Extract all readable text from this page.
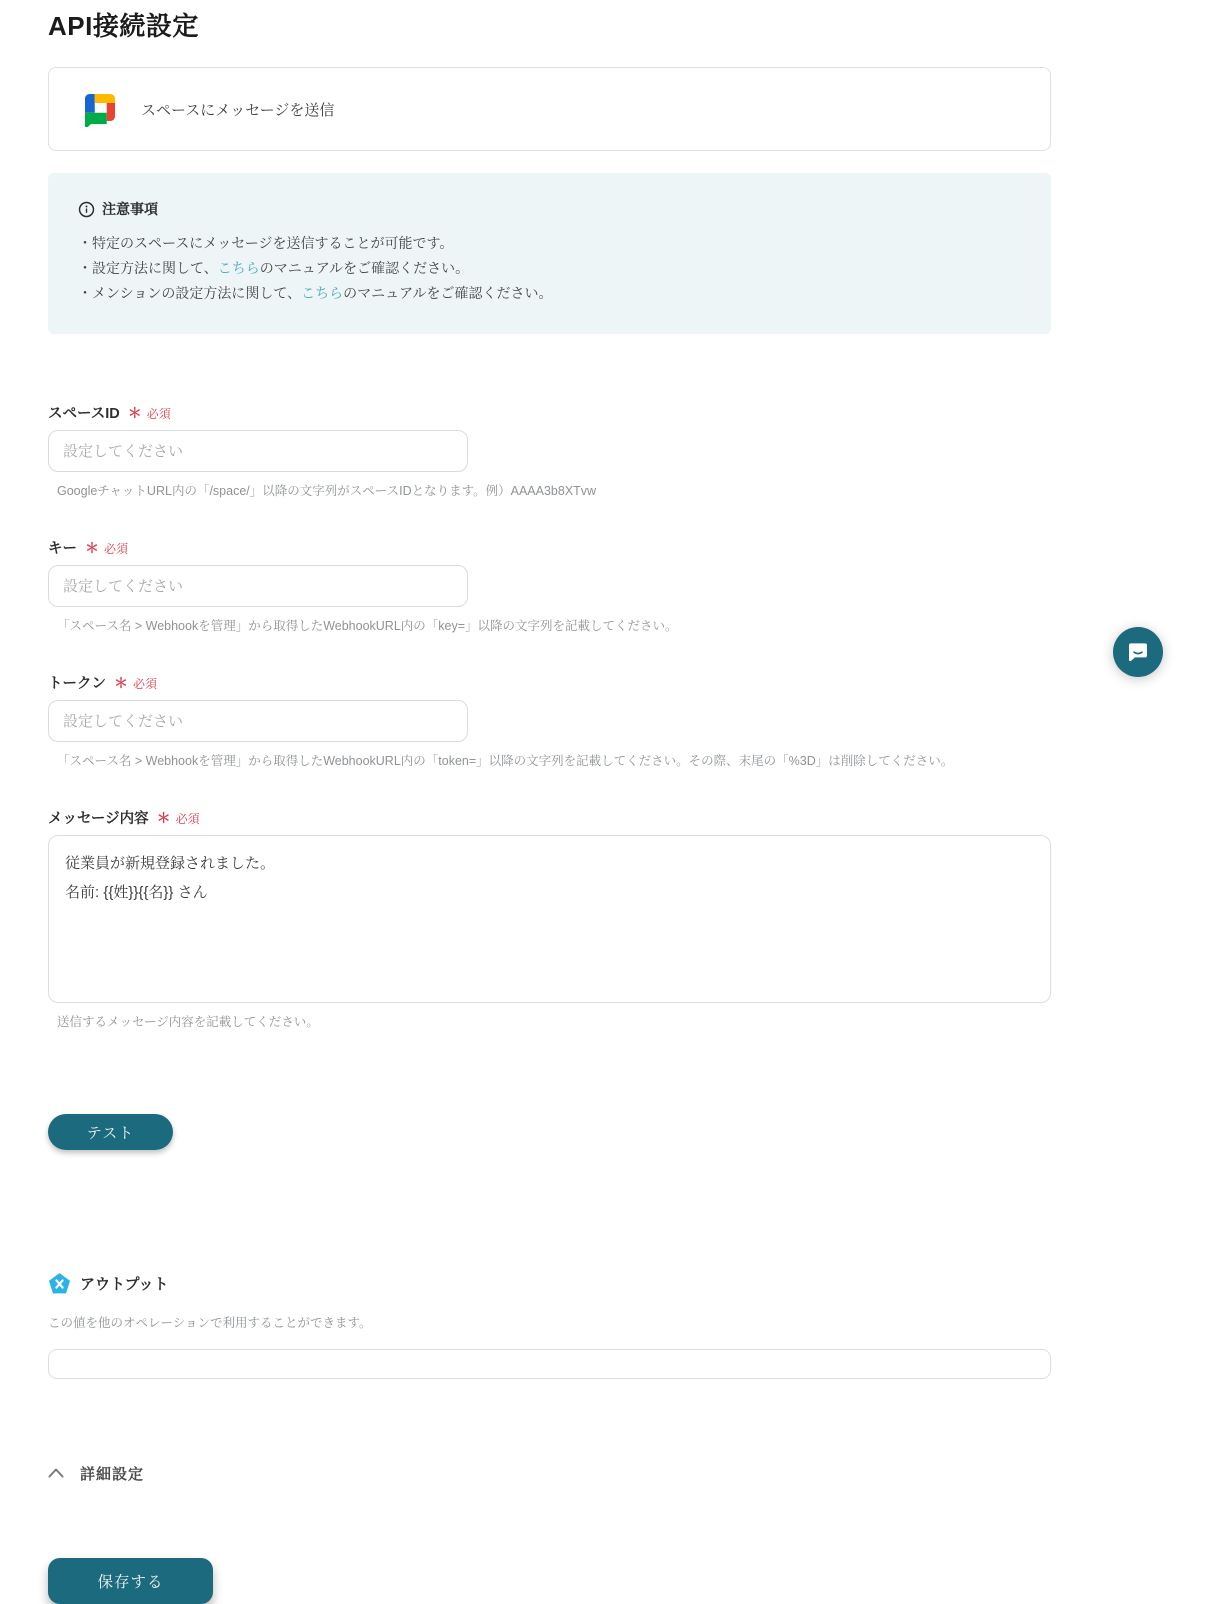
API接続設定
スペースにメッセージを送信
注意事項
・特定のスペースにメッセージを送信することが可能です。
・設定方法に関して、こちらのマニュアルをご確認ください。
・メンションの設定方法に関して、こちらのマニュアルをご確認ください。
スペースID ＊ 必須
設定してください
GoogleチャットURL内の「/space/」以降の文字列がスペースIDとなります。例）AAAA3b8XTvw
キー ＊ 必須
設定してください
「スペース名 > Webhookを管理」から取得したWebhookURL内の「key=」以降の文字列を記載してください。
トークン ＊ 必須
設定してください
「スペース名 > Webhookを管理」から取得したWebhookURL内の「token=」以降の文字列を記載してください。その際、末尾の「%3D」は削除してください。
メッセージ内容 ＊ 必須
従業員が新規登録されました。 名前: {{姓}}{{名}} さん
送信するメッセージ内容を記載してください。
テスト
アウトプット
この値を他のオペレーションで利用することができます。
詳細設定
保存する
